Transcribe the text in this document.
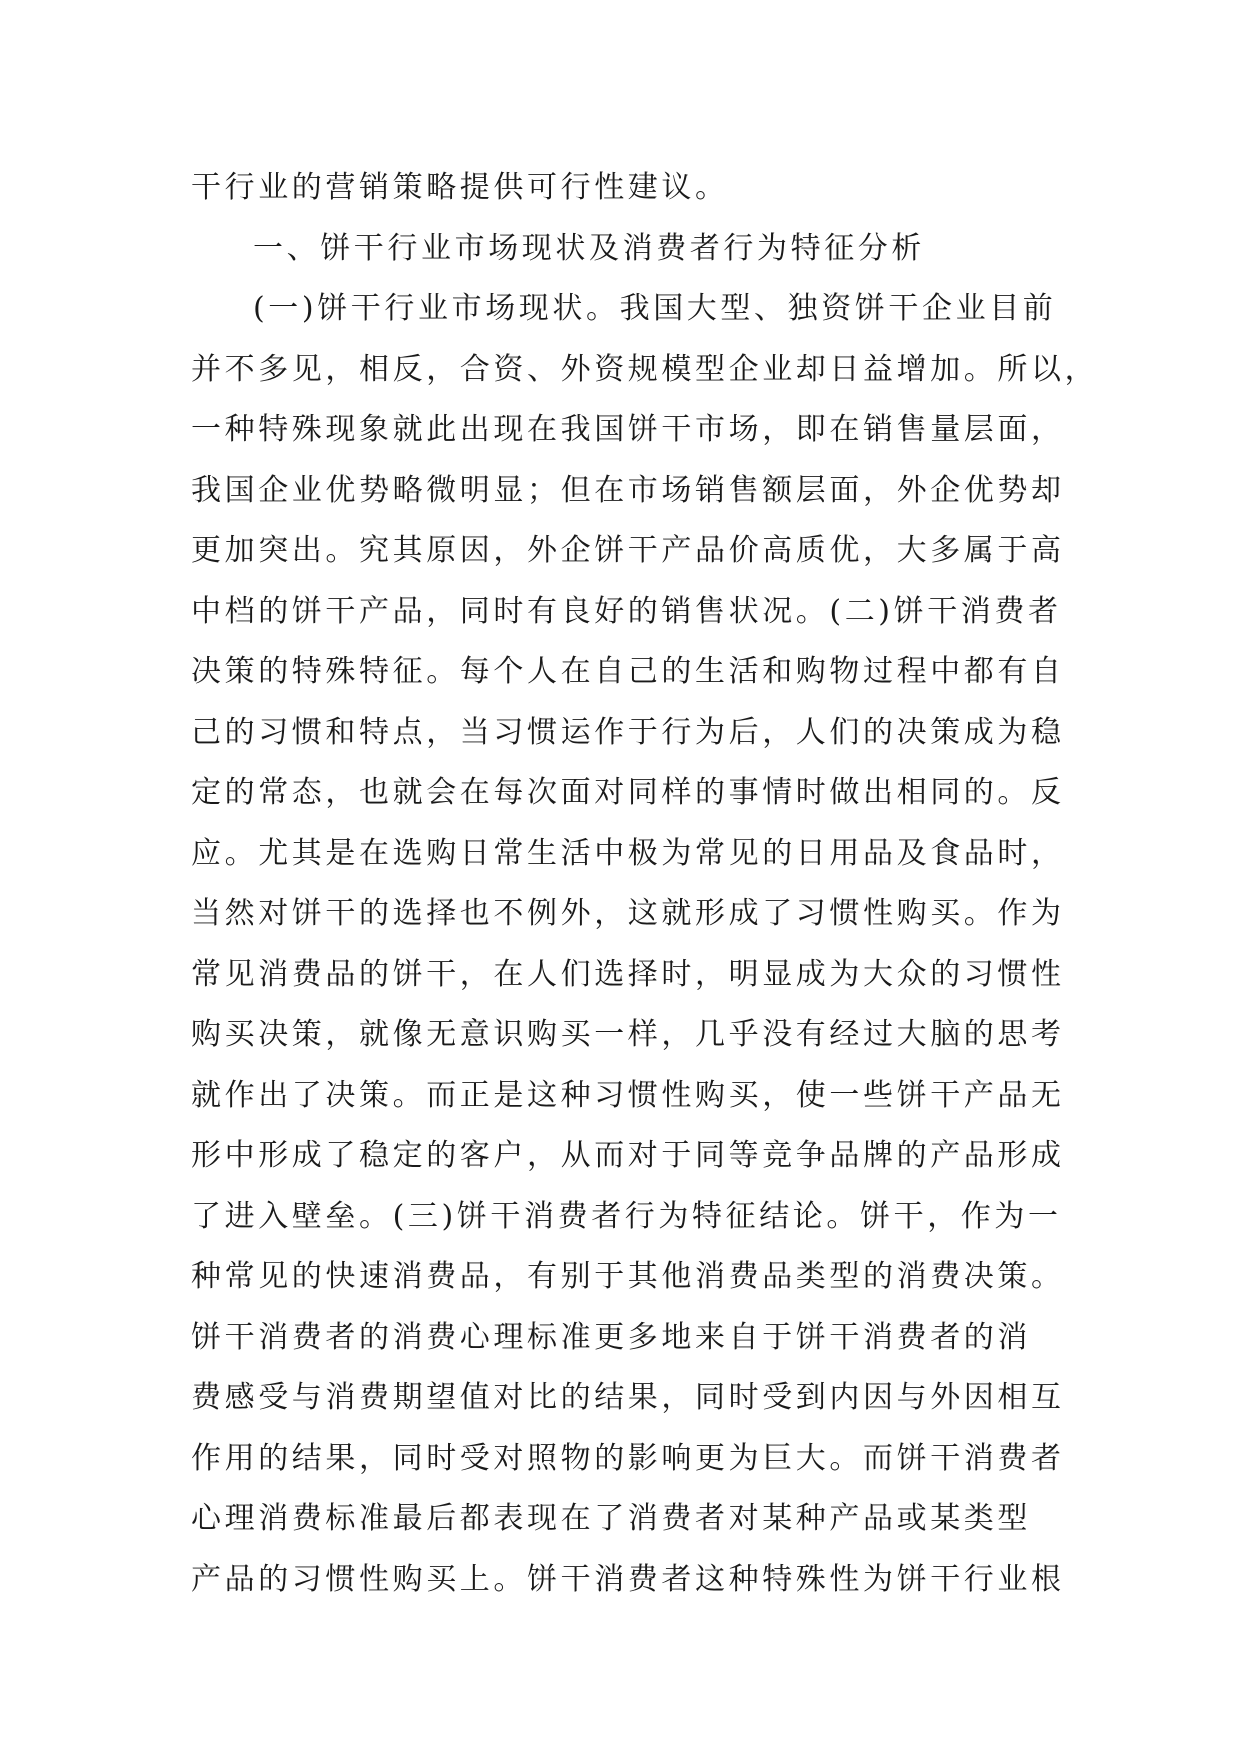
干行业的营销策略提供可行性建议。
一、饼干行业市场现状及消费者行为特征分析
(一)饼干行业市场现状。我国大型、独资饼干企业目前
并不多见，相反，合资、外资规模型企业却日益增加。所以，
一种特殊现象就此出现在我国饼干市场，即在销售量层面，
我国企业优势略微明显；但在市场销售额层面，外企优势却
更加突出。究其原因，外企饼干产品价高质优，大多属于高
中档的饼干产品，同时有良好的销售状况。(二)饼干消费者
决策的特殊特征。每个人在自己的生活和购物过程中都有自
己的习惯和特点，当习惯运作于行为后，人们的决策成为稳
定的常态，也就会在每次面对同样的事情时做出相同的。反
应。尤其是在选购日常生活中极为常见的日用品及食品时，
当然对饼干的选择也不例外，这就形成了习惯性购买。作为
常见消费品的饼干，在人们选择时，明显成为大众的习惯性
购买决策，就像无意识购买一样，几乎没有经过大脑的思考
就作出了决策。而正是这种习惯性购买，使一些饼干产品无
形中形成了稳定的客户，从而对于同等竞争品牌的产品形成
了进入壁垒。(三)饼干消费者行为特征结论。饼干，作为一
种常见的快速消费品，有别于其他消费品类型的消费决策。
饼干消费者的消费心理标准更多地来自于饼干消费者的消
费感受与消费期望值对比的结果，同时受到内因与外因相互
作用的结果，同时受对照物的影响更为巨大。而饼干消费者
心理消费标准最后都表现在了消费者对某种产品或某类型
产品的习惯性购买上。饼干消费者这种特殊性为饼干行业根
